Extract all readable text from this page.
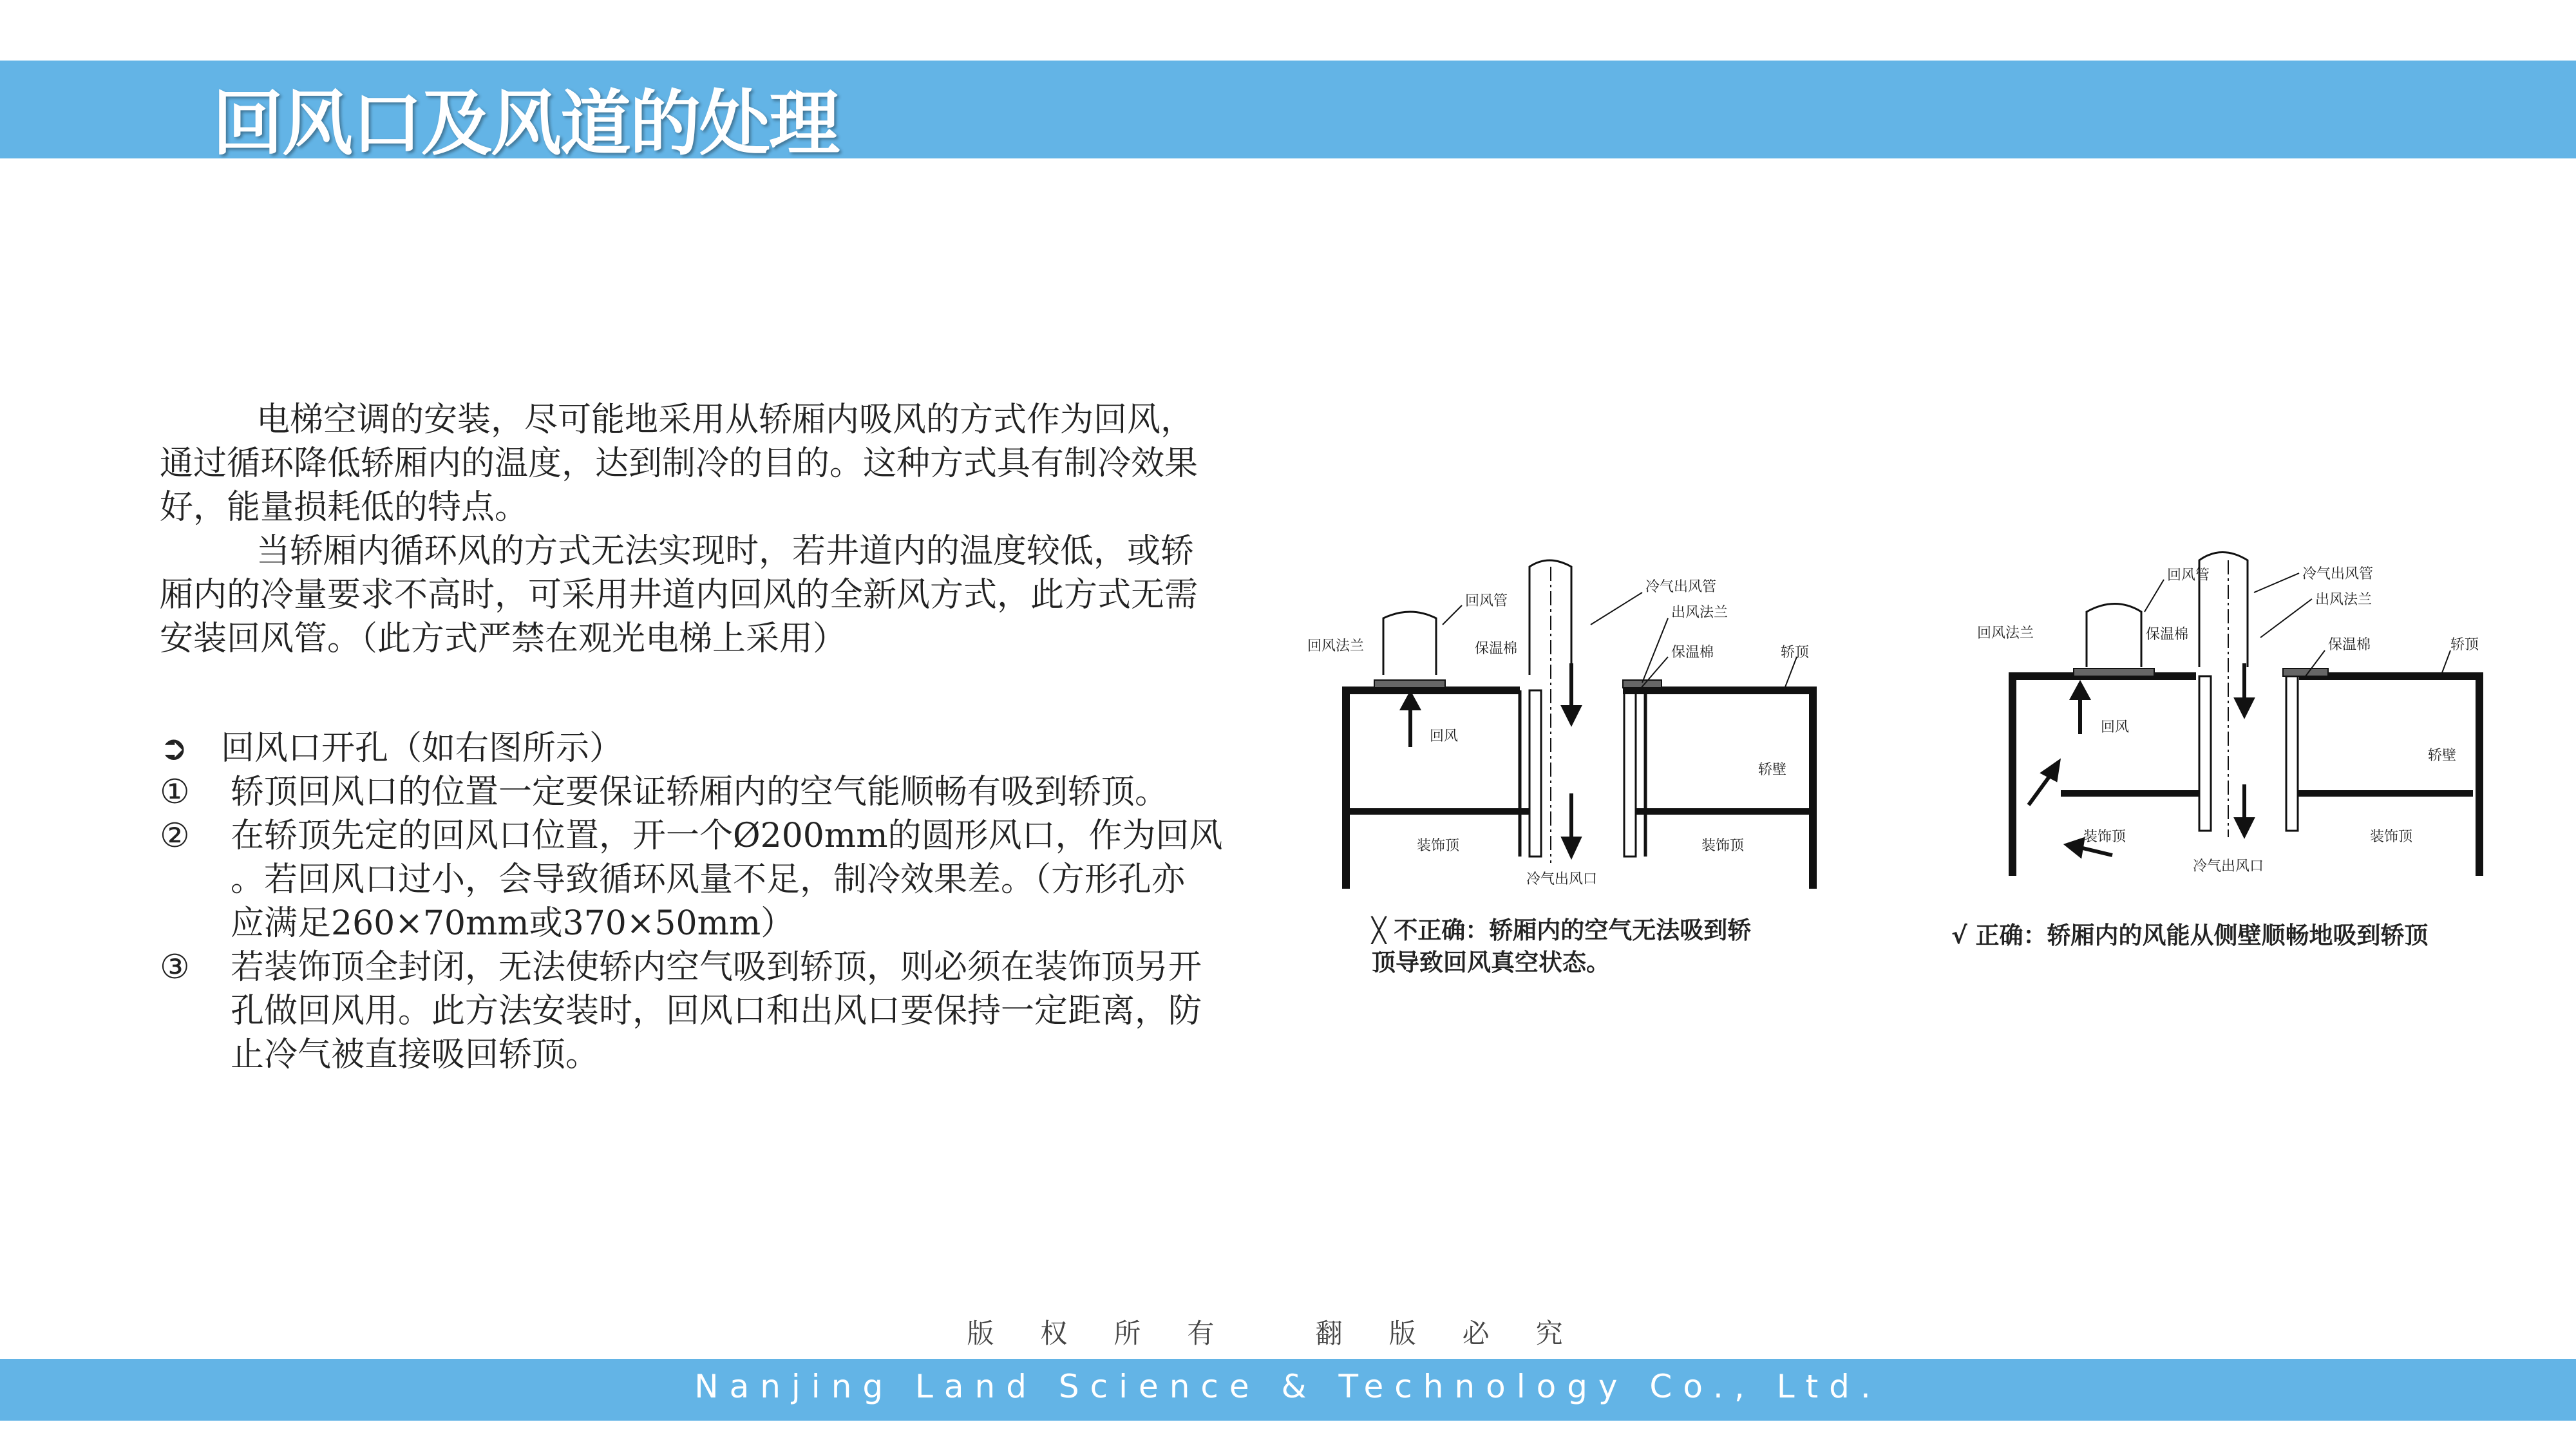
回风口及风道的处理
电梯空调的安装，尽可能地采用从轿厢内吸风的方式作为回风，
通过循环降低轿厢内的温度，达到制冷的目的。这种方式具有制冷效果
好，能量损耗低的特点。
当轿厢内循环风的方式无法实现时，若井道内的温度较低，或轿
厢内的冷量要求不高时，可采用井道内回风的全新风方式，此方式无需
安装回风管。（此方式严禁在观光电梯上采用）
➲ 回风口开孔（如右图所示）
① 轿顶回风口的位置一定要保证轿厢内的空气能顺畅有吸到轿顶。
② 在轿顶先定的回风口位置，开一个Ø200mm的圆形风口，作为回风
。若回风口过小，会导致循环风量不足，制冷效果差。（方形孔亦
应满足260×70mm或370×50mm）
③ 若装饰顶全封闭，无法使轿内空气吸到轿顶，则必须在装饰顶另开
孔做回风用。此方法安装时，回风口和出风口要保持一定距离，防
止冷气被直接吸回轿顶。
回风管
冷气出风管
出风法兰
回风法兰	保温棉	保温棉	轿顶
回风
轿壁
装饰顶	装饰顶
冷气出风口
╳ 不正确：轿厢内的空气无法吸到轿
顶导致回风真空状态。
回风管	冷气出风管
出风法兰
回风法兰	保温棉
保温棉	轿顶
回风
轿壁
装饰顶	装饰顶
冷气出风口
√ 正确：轿厢内的风能从侧壁顺畅地吸到轿顶
版权所有 翻版必究
Nanjing Land Science & Technology Co., Ltd.
